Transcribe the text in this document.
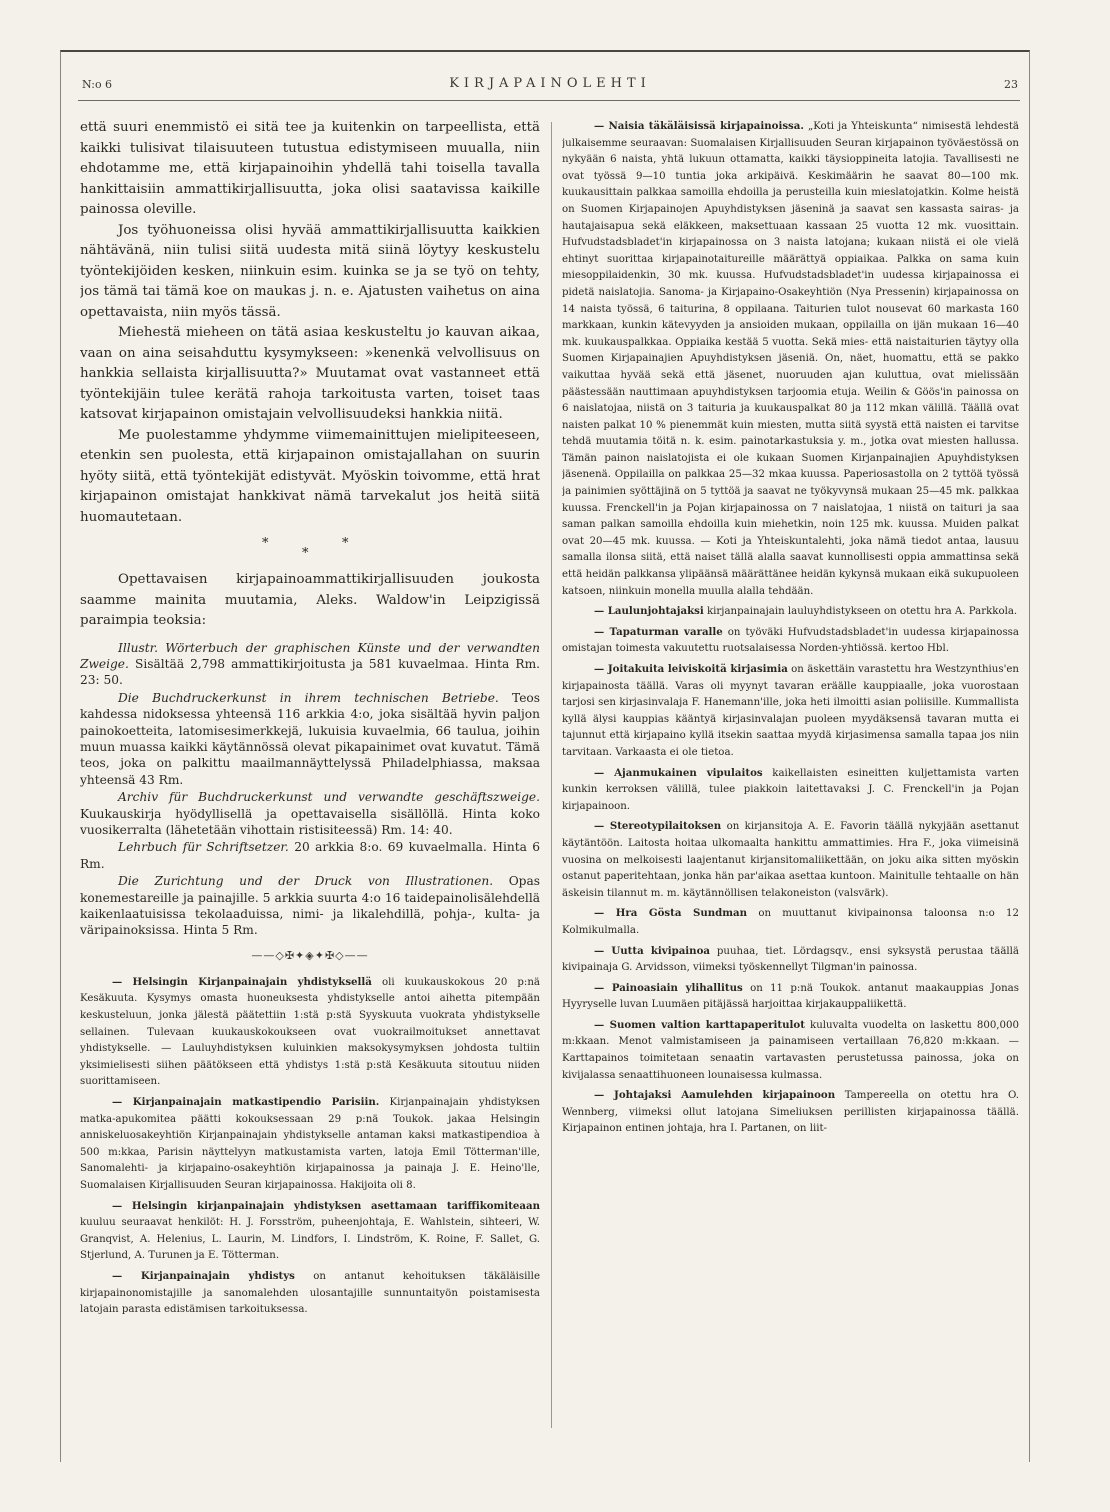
N:o 6	KIRJAPAINOLEHTI	23

että suuri enemmistö ei sitä tee ja kuitenkin on tarpeellista, että kaikki tulisivat tilaisuuteen tutustua edistymiseen muualla, niin ehdotamme me, että kirjapainoihin yhdellä tahi toisella tavalla hankittaisiin ammattikirjallisuutta, joka olisi saatavissa kaikille painossa oleville.

Jos työhuoneissa olisi hyvää ammattikirjallisuutta kaikkien nähtävänä, niin tulisi siitä uudesta mitä siinä löytyy keskustelu työntekijöiden kesken, niinkuin esim. kuinka se ja se työ on tehty, jos tämä tai tämä koe on maukas j. n. e. Ajatusten vaihetus on aina opettavaista, niin myös tässä.

Miehestä mieheen on tätä asiaa keskusteltu jo kauvan aikaa, vaan on aina seisahduttu kysymykseen: »kenenkä velvollisuus on hankkia sellaista kirjallisuutta?» Muutamat ovat vastanneet että työntekijäin tulee kerätä rahoja tarkoitusta varten, toiset taas katsovat kirjapainon omistajain velvollisuudeksi hankkia niitä.

Me puolestamme yhdymme viimemainittujen mielipiteeseen, etenkin sen puolesta, että kirjapainon omistajallahan on suurin hyöty siitä, että työntekijät edistyvät. Myöskin toivomme, että hrat kirjapainon omistajat hankkivat nämä tarvekalut jos heitä siitä huomautetaan.

*
*
*

Opettavaisen kirjapainoammattikirjallisuuden joukosta saamme mainita muutamia, Aleks. Waldow'in Leipzigissä paraimpia teoksia:

Illustr. Wörterbuch der graphischen Künste und der verwandten Zweige. Sisältää 2,798 ammattikirjoitusta ja 581 kuvaelmaa. Hinta Rm. 23: 50.

Die Buchdruckerkunst in ihrem technischen Betriebe. Teos kahdessa nidoksessa yhteensä 116 arkkia 4:o, joka sisältää hyvin paljon painokoetteita, latomisesimerkkejä, lukuisia kuvaelmia, 66 taulua, joihin muun muassa kaikki käytännössä olevat pikapainimet ovat kuvatut. Tämä teos, joka on palkittu maailmannäyttelyssä Philadelphiassa, maksaa yhteensä 43 Rm.

Archiv für Buchdruckerkunst und verwandte geschäftszweige. Kuukauskirja hyödyllisellä ja opettavaisella sisällöllä. Hinta koko vuosikerralta (lähetetään vihottain ristisiteessä) Rm. 14: 40.

Lehrbuch für Schriftsetzer. 20 arkkia 8:o. 69 kuvaelmalla. Hinta 6 Rm.

Die Zurichtung und der Druck von Illustrationen. Opas konemestareille ja painajille. 5 arkkia suurta 4:o 16 taidepainolisälehdellä kaikenlaatuisissa tekolaaduissa, nimi- ja likalehdillä, pohja-, kulta- ja väripainoksissa. Hinta 5 Rm.

——◇✠✦◈✦✠◇——

— Helsingin Kirjanpainajain yhdistyksellä oli kuukauskokous 20 p:nä Kesäkuuta. Kysymys omasta huoneuksesta yhdistykselle antoi aihetta pitempään keskusteluun, jonka jälestä päätettiin 1:stä p:stä Syyskuuta vuokrata yhdistykselle sellainen. Tulevaan kuukauskokoukseen ovat vuokrailmoitukset annettavat yhdistykselle. — Lauluyhdistyksen kuluinkien maksokysymyksen johdosta tultiin yksimielisesti siihen päätökseen että yhdistys 1:stä p:stä Kesäkuuta sitoutuu niiden suorittamiseen.

— Kirjanpainajain matkastipendio Parisiin. Kirjanpainajain yhdistyksen matka-apukomitea päätti kokouksessaan 29 p:nä Toukok. jakaa Helsingin anniskeluosakeyhtiön Kirjanpainajain yhdistykselle antaman kaksi matkastipendioa à 500 m:kkaa, Parisin näyttelyyn matkustamista varten, latoja Emil Tötterman'ille, Sanomalehti- ja kirjapaino-osakeyhtiön kirjapainossa ja painaja J. E. Heino'lle, Suomalaisen Kirjallisuuden Seuran kirjapainossa. Hakijoita oli 8.

— Helsingin kirjanpainajain yhdistyksen asettamaan tariffikomiteaan kuuluu seuraavat henkilöt: H. J. Forsström, puheenjohtaja, E. Wahlstein, sihteeri, W. Granqvist, A. Helenius, L. Laurin, M. Lindfors, I. Lindström, K. Roine, F. Sallet, G. Stjerlund, A. Turunen ja E. Tötterman.

— Kirjanpainajain yhdistys on antanut kehoituksen täkäläisille kirjapainonomistajille ja sanomalehden ulosantajille sunnuntaityön poistamisesta latojain parasta edistämisen tarkoituksessa.

— Naisia täkäläisissä kirjapainoissa. „Koti ja Yhteiskunta“ nimisestä lehdestä julkaisemme seuraavan: Suomalaisen Kirjallisuuden Seuran kirjapainon työväestössä on nykyään 6 naista, yhtä lukuun ottamatta, kaikki täysioppineita latojia. Tavallisesti ne ovat työssä 9—10 tuntia joka arkipäivä. Keskimäärin he saavat 80—100 mk. kuukausittain palkkaa samoilla ehdoilla ja perusteilla kuin mieslatojatkin. Kolme heistä on Suomen Kirjapainojen Apuyhdistyksen jäseninä ja saavat sen kassasta sairas- ja hautajaisapua sekä eläkkeen, maksettuaan kassaan 25 vuotta 12 mk. vuosittain. Hufvudstadsbladet'in kirjapainossa on 3 naista latojana; kukaan niistä ei ole vielä ehtinyt suorittaa kirjapainotaitureille määrättyä oppiaikaa. Palkka on sama kuin miesoppilaidenkin, 30 mk. kuussa. Hufvudstadsbladet'in uudessa kirjapainossa ei pidetä naislatojia. Sanoma- ja Kirjapaino-Osakeyhtiön (Nya Pressenin) kirjapainossa on 14 naista työssä, 6 taiturina, 8 oppilaana. Taiturien tulot nousevat 60 markasta 160 markkaan, kunkin kätevyyden ja ansioiden mukaan, oppilailla on ijän mukaan 16—40 mk. kuukauspalkkaa. Oppiaika kestää 5 vuotta. Sekä mies- että naistaiturien täytyy olla Suomen Kirjapainajien Apuyhdistyksen jäseniä. On, näet, huomattu, että se pakko vaikuttaa hyvää sekä että jäsenet, nuoruuden ajan kuluttua, ovat mielissään päästessään nauttimaan apuyhdistyksen tarjoomia etuja. Weilin & Göös'in painossa on 6 naislatojaa, niistä on 3 taituria ja kuukauspalkat 80 ja 112 mkan välillä. Täällä ovat naisten palkat 10 % pienemmät kuin miesten, mutta siitä syystä että naisten ei tarvitse tehdä muutamia töitä n. k. esim. painotarkastuksia y. m., jotka ovat miesten hallussa. Tämän painon naislatojista ei ole kukaan Suomen Kirjanpainajien Apuyhdistyksen jäsenenä. Oppilailla on palkkaa 25—32 mkaa kuussa. Paperiosastolla on 2 tyttöä työssä ja painimien syöttäjinä on 5 tyttöä ja saavat ne työkyvynsä mukaan 25—45 mk. palkkaa kuussa. Frenckell'in ja Pojan kirjapainossa on 7 naislatojaa, 1 niistä on taituri ja saa saman palkan samoilla ehdoilla kuin miehetkin, noin 125 mk. kuussa. Muiden palkat ovat 20—45 mk. kuussa. — Koti ja Yhteiskuntalehti, joka nämä tiedot antaa, lausuu samalla ilonsa siitä, että naiset tällä alalla saavat kunnollisesti oppia ammattinsa sekä että heidän palkkansa ylipäänsä määrättänee heidän kykynsä mukaan eikä sukupuoleen katsoen, niinkuin monella muulla alalla tehdään.

— Laulunjohtajaksi kirjanpainajain lauluyhdistykseen on otettu hra A. Parkkola.

— Tapaturman varalle on työväki Hufvudstadsbladet'in uudessa kirjapainossa omistajan toimesta vakuutettu ruotsalaisessa Norden-yhtiössä. kertoo Hbl.

— Joitakuita leiviskoitä kirjasimia on äskettäin varastettu hra Westzynthius'en kirjapainosta täällä. Varas oli myynyt tavaran eräälle kauppiaalle, joka vuorostaan tarjosi sen kirjasinvalaja F. Hanemann'ille, joka heti ilmoitti asian poliisille. Kummallista kyllä älysi kauppias kääntyä kirjasinvalajan puoleen myydäksensä tavaran mutta ei tajunnut että kirjapaino kyllä itsekin saattaa myydä kirjasimensa samalla tapaa jos niin tarvitaan. Varkaasta ei ole tietoa.

— Ajanmukainen vipulaitos kaikellaisten esineitten kuljettamista varten kunkin kerroksen välillä, tulee piakkoin laitettavaksi J. C. Frenckell'in ja Pojan kirjapainoon.

— Stereotypilaitoksen on kirjansitoja A. E. Favorin täällä nykyjään asettanut käytäntöön. Laitosta hoitaa ulkomaalta hankittu ammattimies. Hra F., joka viimeisinä vuosina on melkoisesti laajentanut kirjansitomaliikettään, on joku aika sitten myöskin ostanut paperitehtaan, jonka hän par'aikaa asettaa kuntoon. Mainitulle tehtaalle on hän äskeisin tilannut m. m. käytännöllisen telakoneiston (valsvärk).

— Hra Gösta Sundman on muuttanut kivipainonsa taloonsa n:o 12 Kolmikulmalla.

— Uutta kivipainoa puuhaa, tiet. Lördagsqv., ensi syksystä perustaa täällä kivipainaja G. Arvidsson, viimeksi työskennellyt Tilgman'in painossa.

— Painoasiain ylihallitus on 11 p:nä Toukok. antanut maakauppias Jonas Hyyryselle luvan Luumäen pitäjässä harjoittaa kirjakauppaliikettä.

— Suomen valtion karttapaperitulot kuluvalta vuodelta on laskettu 800,000 m:kkaan. Menot valmistamiseen ja painamiseen vertaillaan 76,820 m:kkaan. — Karttapainos toimitetaan senaatin vartavasten perustetussa painossa, joka on kivijalassa senaattihuoneen lounaisessa kulmassa.

— Johtajaksi Aamulehden kirjapainoon Tampereella on otettu hra O. Wennberg, viimeksi ollut latojana Simeliuksen perillisten kirjapainossa täällä. Kirjapainon entinen johtaja, hra I. Partanen, on liit-
